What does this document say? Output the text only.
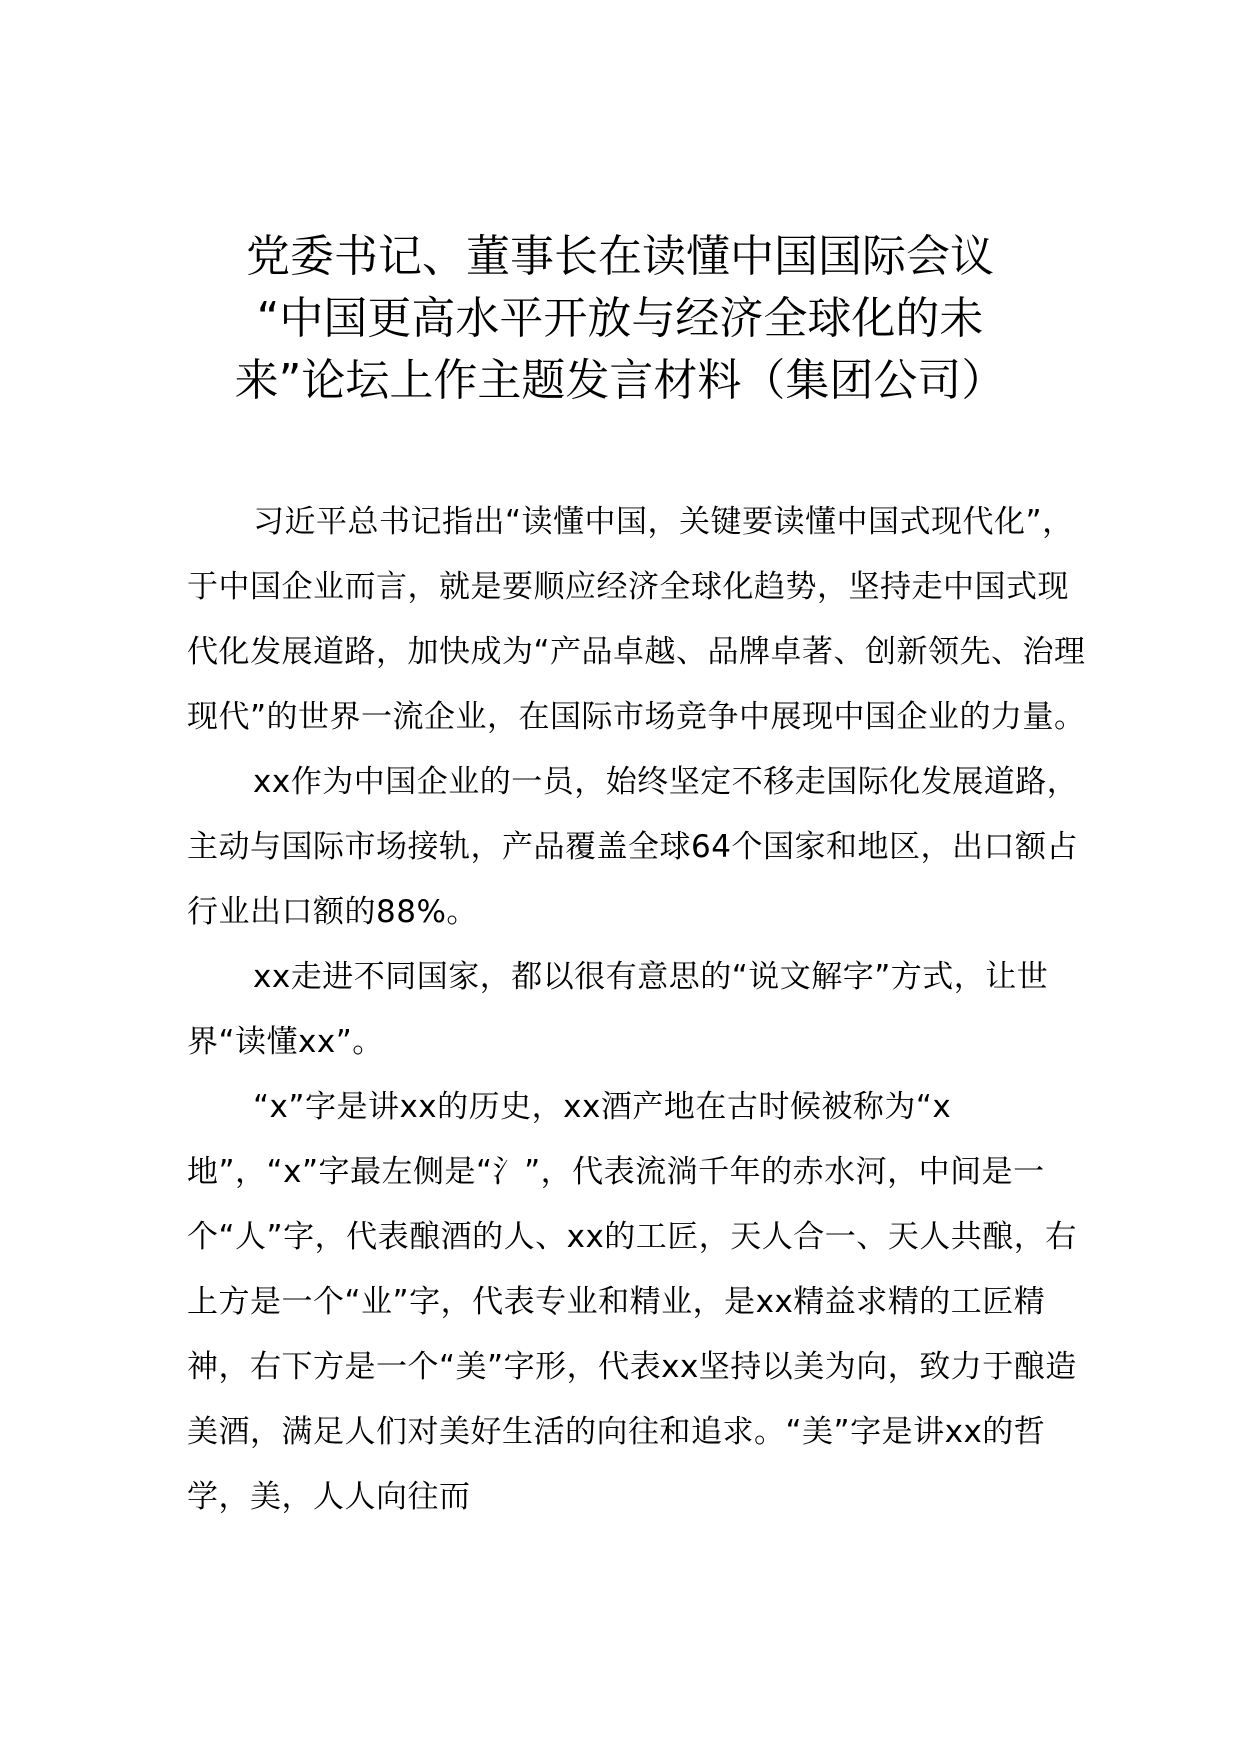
党委书记、董事长在读懂中国国际会议
“中国更高水平开放与经济全球化的未
来”论坛上作主题发言材料（集团公司）

习近平总书记指出“读懂中国，关键要读懂中国式现代化”，于中国企业而言，就是要顺应经济全球化趋势，坚持走中国式现代化发展道路，加快成为“产品卓越、品牌卓著、创新领先、治理现代”的世界一流企业，在国际市场竞争中展现中国企业的力量。

xx作为中国企业的一员，始终坚定不移走国际化发展道路，主动与国际市场接轨，产品覆盖全球64个国家和地区，出口额占行业出口额的88%。

xx走进不同国家，都以很有意思的“说文解字”方式，让世界“读懂xx”。

“x”字是讲xx的历史，xx酒产地在古时候被称为“x地”，“x”字最左侧是“氵”，代表流淌千年的赤水河，中间是一个“人”字，代表酿酒的人、xx的工匠，天人合一、天人共酿，右上方是一个“业”字，代表专业和精业，是xx精益求精的工匠精神，右下方是一个“美”字形，代表xx坚持以美为向，致力于酿造美酒，满足人们对美好生活的向往和追求。“美”字是讲xx的哲学，美，人人向往而
